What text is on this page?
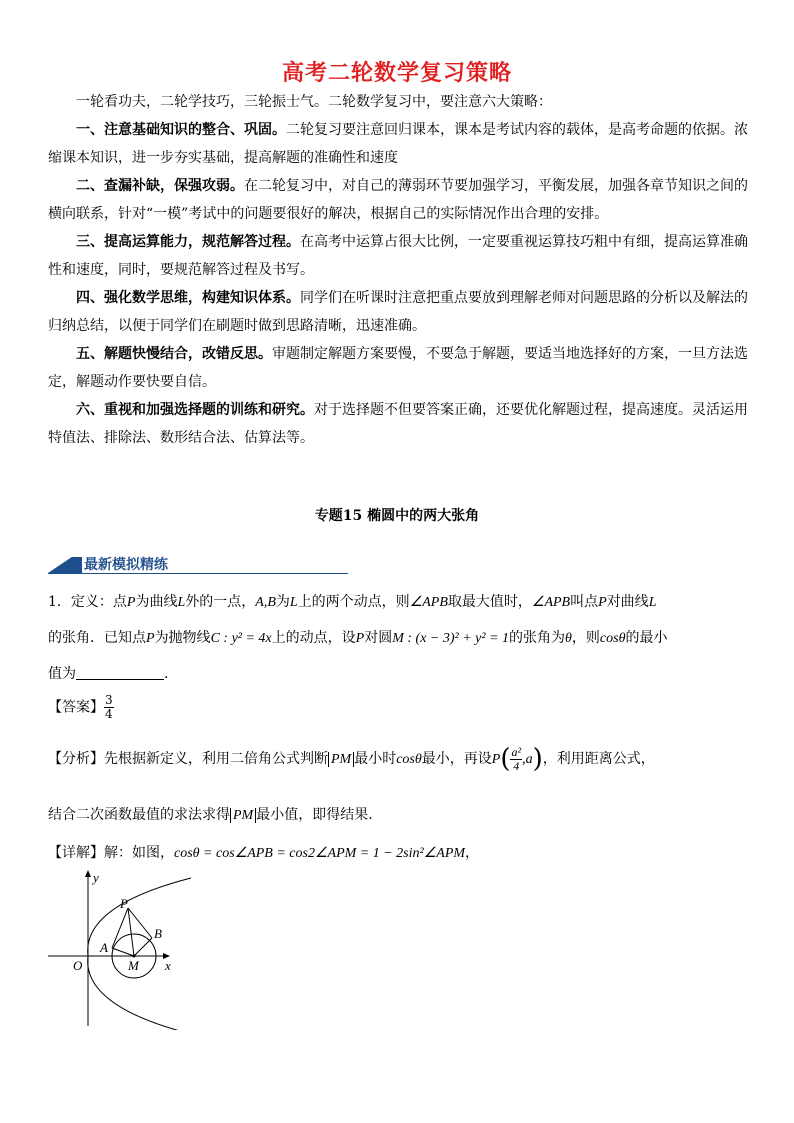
高考二轮数学复习策略
一轮看功夫，二轮学技巧，三轮振士气。二轮数学复习中，要注意六大策略：
一、注意基础知识的整合、巩固。二轮复习要注意回归课本，课本是考试内容的载体，是高考命题的依据。浓缩课本知识，进一步夯实基础，提高解题的准确性和速度
二、查漏补缺，保强攻弱。在二轮复习中，对自己的薄弱环节要加强学习，平衡发展，加强各章节知识之间的横向联系，针对“一模”考试中的问题要很好的解决，根据自己的实际情况作出合理的安排。
三、提高运算能力，规范解答过程。在高考中运算占很大比例，一定要重视运算技巧粗中有细，提高运算准确性和速度，同时，要规范解答过程及书写。
四、强化数学思维，构建知识体系。同学们在听课时注意把重点要放到理解老师对问题思路的分析以及解法的归纳总结，以便于同学们在刷题时做到思路清晰，迅速准确。
五、解题快慢结合，改错反思。审题制定解题方案要慢，不要急于解题，要适当地选择好的方案，一旦方法选定，解题动作要快要自信。
六、重视和加强选择题的训练和研究。对于选择题不但要答案正确，还要优化解题过程，提高速度。灵活运用特值法、排除法、数形结合法、估算法等。
专题15 椭圆中的两大张角
最新模拟精练
1．定义：点P为曲线L外的一点，A,B为L上的两个动点，则∠APB取最大值时，∠APB叫点P对曲线L
的张角．已知点P为抛物线C : y² = 4x上的动点，设P对圆M : (x − 3)² + y² = 1的张角为θ，则cosθ的最小
值为	.
【答案】 $\frac{3}{4}$
【分析】先根据新定义，利用二倍角公式判断 PM 最小时cosθ最小，再设$P( \frac{\text{a²}}{4} ,a)$，利用距离公式，
结合二次函数最值的求法求得 PM 最小值，即得结果.
【详解】解：如图，cosθ = cos∠APB = cos2∠APM = 1 − 2sin²∠APM，
y
x
O
P
A
B
M
